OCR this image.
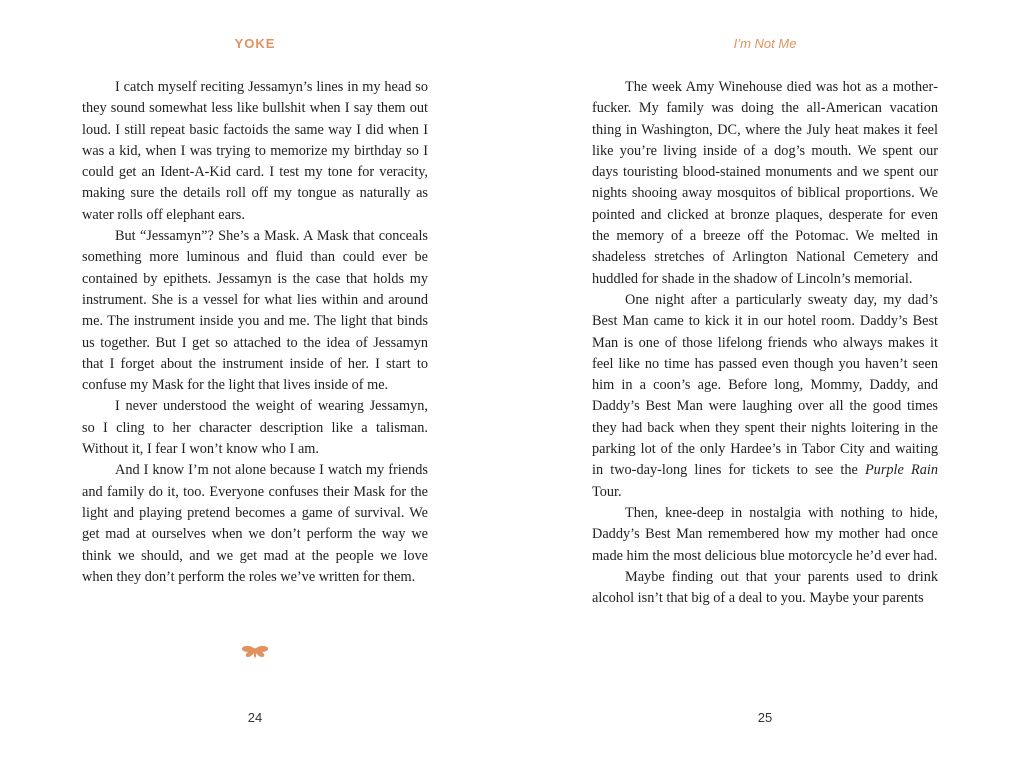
YOKE

I catch myself reciting Jessamyn’s lines in my head so they sound somewhat less like bullshit when I say them out loud. I still repeat basic factoids the same way I did when I was a kid, when I was trying to memorize my birthday so I could get an Ident-A-Kid card. I test my tone for veracity, making sure the details roll off my tongue as naturally as water rolls off elephant ears.

But “Jessamyn”? She’s a Mask. A Mask that conceals something more luminous and fluid than could ever be contained by epithets. Jessamyn is the case that holds my instrument. She is a vessel for what lies within and around me. The instrument inside you and me. The light that binds us together. But I get so attached to the idea of Jessamyn that I forget about the instrument inside of her. I start to confuse my Mask for the light that lives inside of me.

I never understood the weight of wearing Jessamyn, so I cling to her character description like a talisman. Without it, I fear I won’t know who I am.

And I know I’m not alone because I watch my friends and family do it, too. Everyone confuses their Mask for the light and playing pretend becomes a game of survival. We get mad at ourselves when we don’t perform the way we think we should, and we get mad at the people we love when they don’t perform the roles we’ve written for them.

24
I’m Not Me

The week Amy Winehouse died was hot as a motherfucker. My family was doing the all-American vacation thing in Washington, DC, where the July heat makes it feel like you’re living inside of a dog’s mouth. We spent our days touristing blood-stained monuments and we spent our nights shooing away mosquitos of biblical proportions. We pointed and clicked at bronze plaques, desperate for even the memory of a breeze off the Potomac. We melted in shadeless stretches of Arlington National Cemetery and huddled for shade in the shadow of Lincoln’s memorial.

One night after a particularly sweaty day, my dad’s Best Man came to kick it in our hotel room. Daddy’s Best Man is one of those lifelong friends who always makes it feel like no time has passed even though you haven’t seen him in a coon’s age. Before long, Mommy, Daddy, and Daddy’s Best Man were laughing over all the good times they had back when they spent their nights loitering in the parking lot of the only Hardee’s in Tabor City and waiting in two-day-long lines for tickets to see the Purple Rain Tour.

Then, knee-deep in nostalgia with nothing to hide, Daddy’s Best Man remembered how my mother had once made him the most delicious blue motorcycle he’d ever had.

Maybe finding out that your parents used to drink alcohol isn’t that big of a deal to you. Maybe your parents

25
